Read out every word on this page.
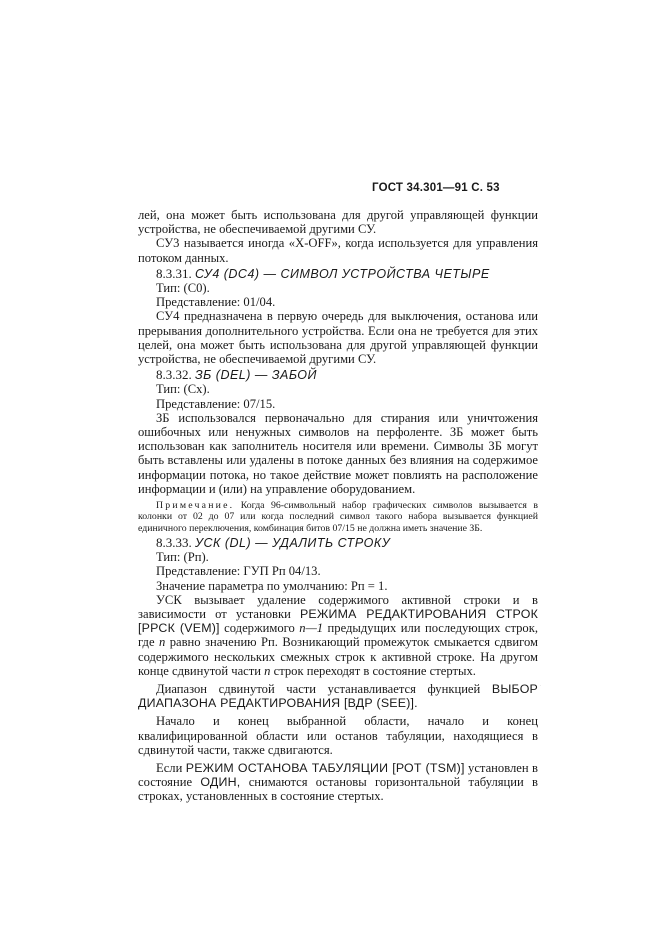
ГОСТ 34.301—91 С. 53

лей, она может быть использована для другой управляющей функции устройства, не обеспечиваемой другими СУ.

СУ3 называется иногда «X-OFF», когда используется для управления потоком данных.

8.3.31. СУ4 (DC4) — СИМВОЛ УСТРОЙСТВА ЧЕТЫРЕ

Тип: (С0).

Представление: 01/04.

СУ4 предназначена в первую очередь для выключения, останова или прерывания дополнительного устройства. Если она не требуется для этих целей, она может быть использована для другой управляющей функции устройства, не обеспечиваемой другими СУ.

8.3.32. ЗБ (DEL) — ЗАБОЙ

Тип: (Сх).

Представление: 07/15.

ЗБ использовался первоначально для стирания или уничтожения ошибочных или ненужных символов на перфоленте. ЗБ может быть использован как заполнитель носителя или времени. Символы ЗБ могут быть вставлены или удалены в потоке данных без влияния на содержимое информации потока, но такое действие может повлиять на расположение информации и (или) на управление оборудованием.

Примечание. Когда 96-символьный набор графических символов вызывается в колонки от 02 до 07 или когда последний символ такого набора вызывается функцией единичного переключения, комбинация битов 07/15 не должна иметь значение ЗБ.

8.3.33. УСК (DL) — УДАЛИТЬ СТРОКУ

Тип: (Рп).

Представление: ГУП Рп 04/13.

Значение параметра по умолчанию: Рп = 1.

УСК вызывает удаление содержимого активной строки и в зависимости от установки РЕЖИМА РЕДАКТИРОВАНИЯ СТРОК [РРСК (VEM)] содержимого n—1 предыдущих или последующих строк, где n равно значению Рп. Возникающий промежуток смыкается сдвигом содержимого нескольких смежных строк к активной строке. На другом конце сдвинутой части n строк переходят в состояние стертых.

Диапазон сдвинутой части устанавливается функцией ВЫБОР ДИАПАЗОНА РЕДАКТИРОВАНИЯ [ВДР (SEE)].

Начало и конец выбранной области, начало и конец квалифицированной области или останов табуляции, находящиеся в сдвинутой части, также сдвигаются.

Если РЕЖИМ ОСТАНОВА ТАБУЛЯЦИИ [РОТ (TSM)] установлен в состояние ОДИН, снимаются остановы горизонтальной табуляции в строках, установленных в состояние стертых.

·
·
